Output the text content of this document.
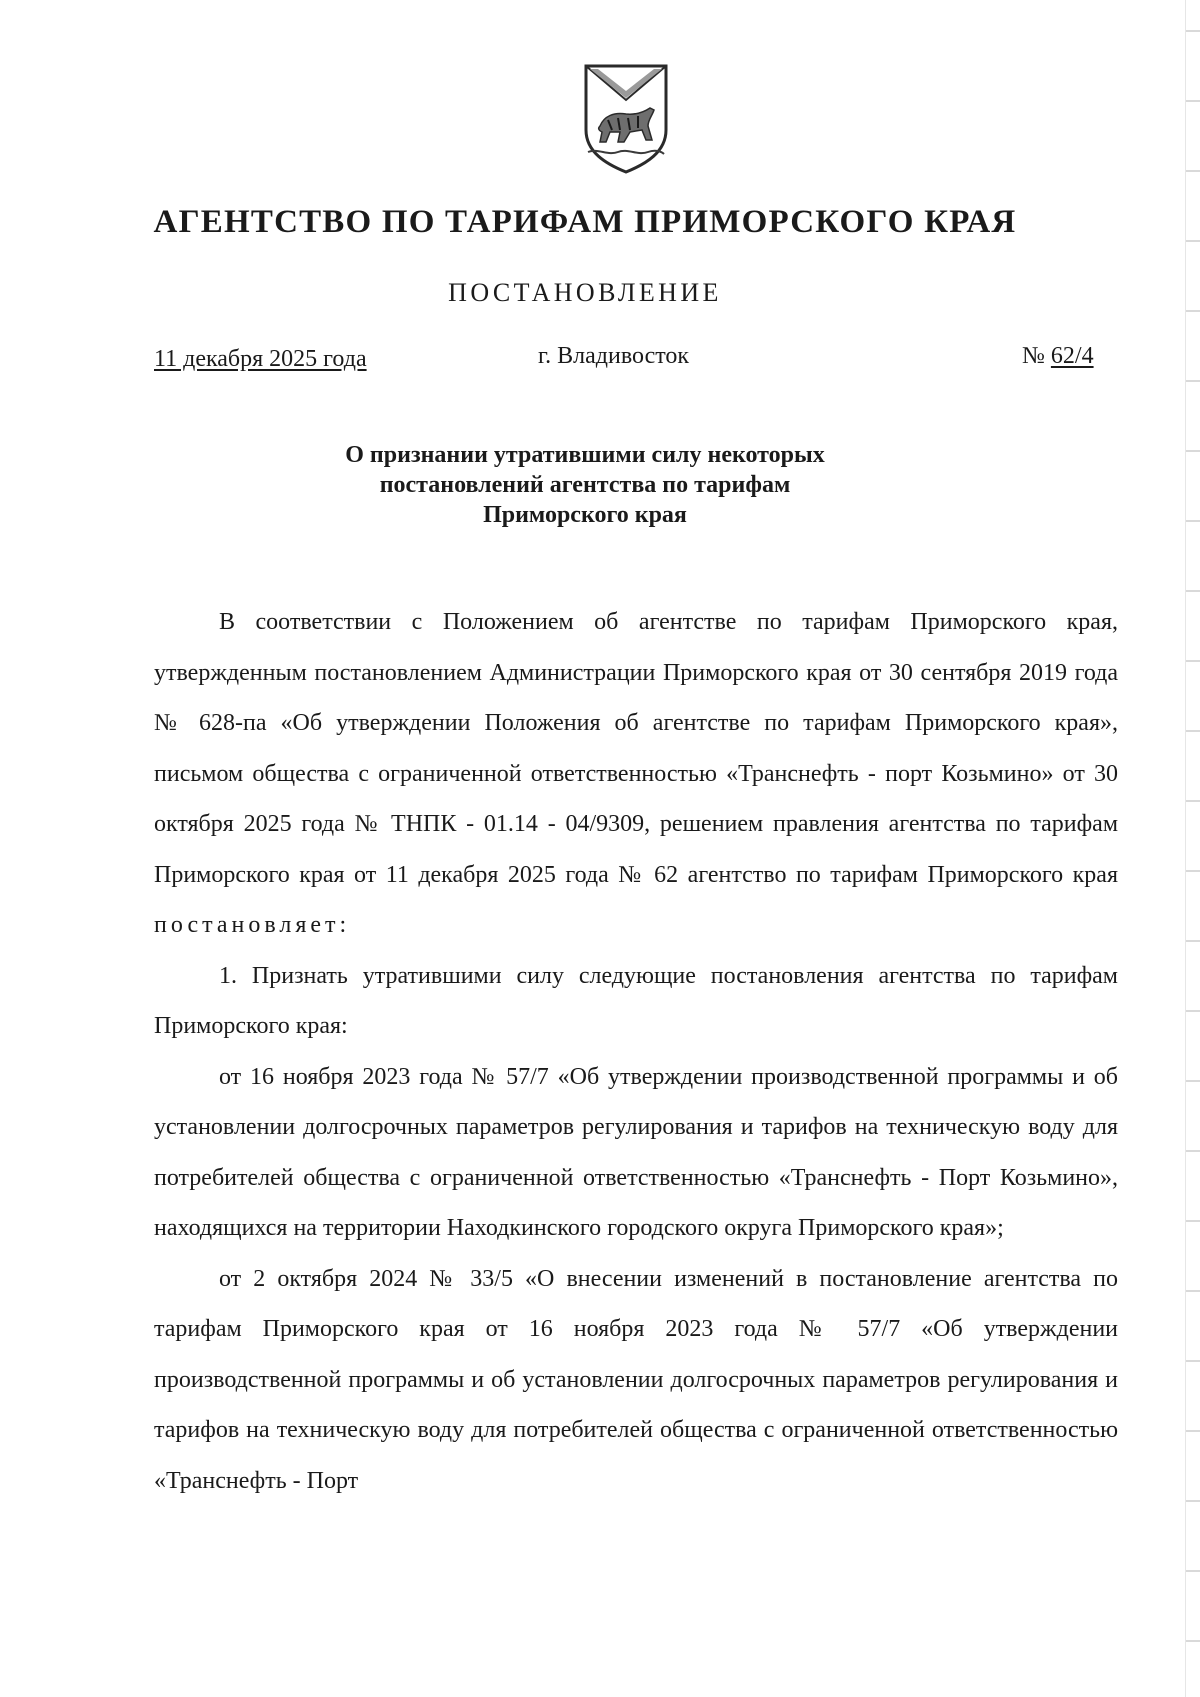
АГЕНТСТВО ПО ТАРИФАМ ПРИМОРСКОГО КРАЯ
ПОСТАНОВЛЕНИЕ
11 декабря 2025 года	г. Владивосток	№ 62/4
О признании утратившими силу некоторых
постановлений агентства по тарифам
Приморского края

В соответствии с Положением об агентстве по тарифам Приморского края, утвержденным постановлением Администрации Приморского края от 30 сентября 2019 года № 628-па «Об утверждении Положения об агентстве по тарифам Приморского края», письмом общества с ограниченной ответственностью «Транснефть - порт Козьмино» от 30 октября 2025 года № ТНПК - 01.14 - 04/9309, решением правления агентства по тарифам Приморского края от 11 декабря 2025 года № 62 агентство по тарифам Приморского края постановляет:

1. Признать утратившими силу следующие постановления агентства по тарифам Приморского края:

от 16 ноября 2023 года № 57/7 «Об утверждении производственной программы и об установлении долгосрочных параметров регулирования и тарифов на техническую воду для потребителей общества с ограниченной ответственностью «Транснефть - Порт Козьмино», находящихся на территории Находкинского городского округа Приморского края»;

от 2 октября 2024 № 33/5 «О внесении изменений в постановление агентства по тарифам Приморского края от 16 ноября 2023 года № 57/7 «Об утверждении производственной программы и об установлении долгосрочных параметров регулирования и тарифов на техническую воду для потребителей общества с ограниченной ответственностью «Транснефть - Порт
